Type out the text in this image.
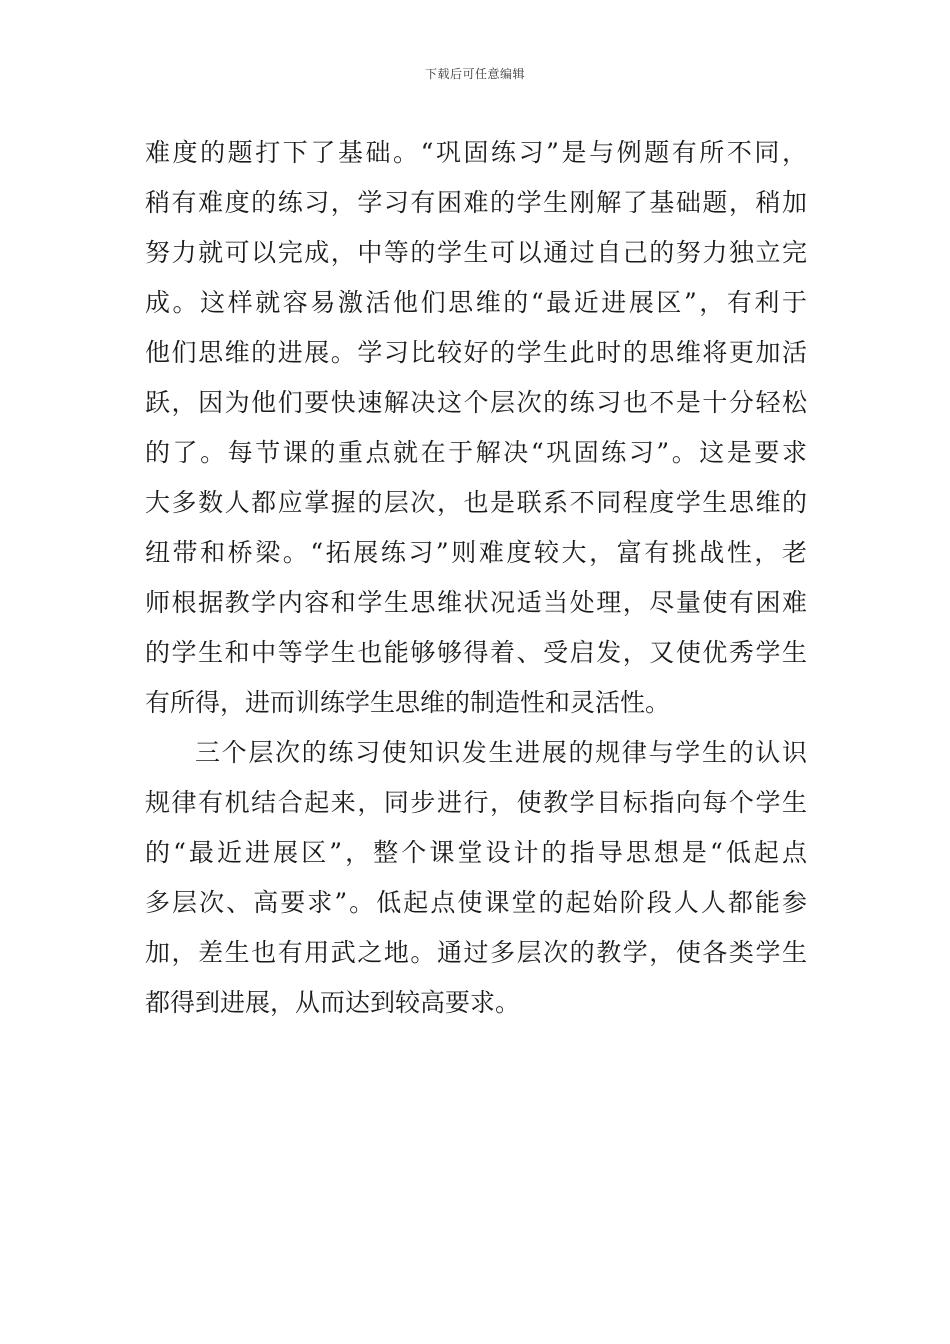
下载后可任意编辑
难度的题打下了基础。“巩固练习”是与例题有所不同，
稍有难度的练习，学习有困难的学生刚解了基础题，稍加
努力就可以完成，中等的学生可以通过自己的努力独立完
成。这样就容易激活他们思维的“最近进展区”，有利于
他们思维的进展。学习比较好的学生此时的思维将更加活
跃，因为他们要快速解决这个层次的练习也不是十分轻松
的了。每节课的重点就在于解决“巩固练习”。这是要求
大多数人都应掌握的层次，也是联系不同程度学生思维的
纽带和桥梁。“拓展练习”则难度较大，富有挑战性，老
师根据教学内容和学生思维状况适当处理，尽量使有困难
的学生和中等学生也能够够得着、受启发，又使优秀学生
有所得，进而训练学生思维的制造性和灵活性。
三个层次的练习使知识发生进展的规律与学生的认识
规律有机结合起来，同步进行，使教学目标指向每个学生
的“最近进展区”，整个课堂设计的指导思想是“低起点
多层次、高要求”。低起点使课堂的起始阶段人人都能参
加，差生也有用武之地。通过多层次的教学，使各类学生
都得到进展，从而达到较高要求。
